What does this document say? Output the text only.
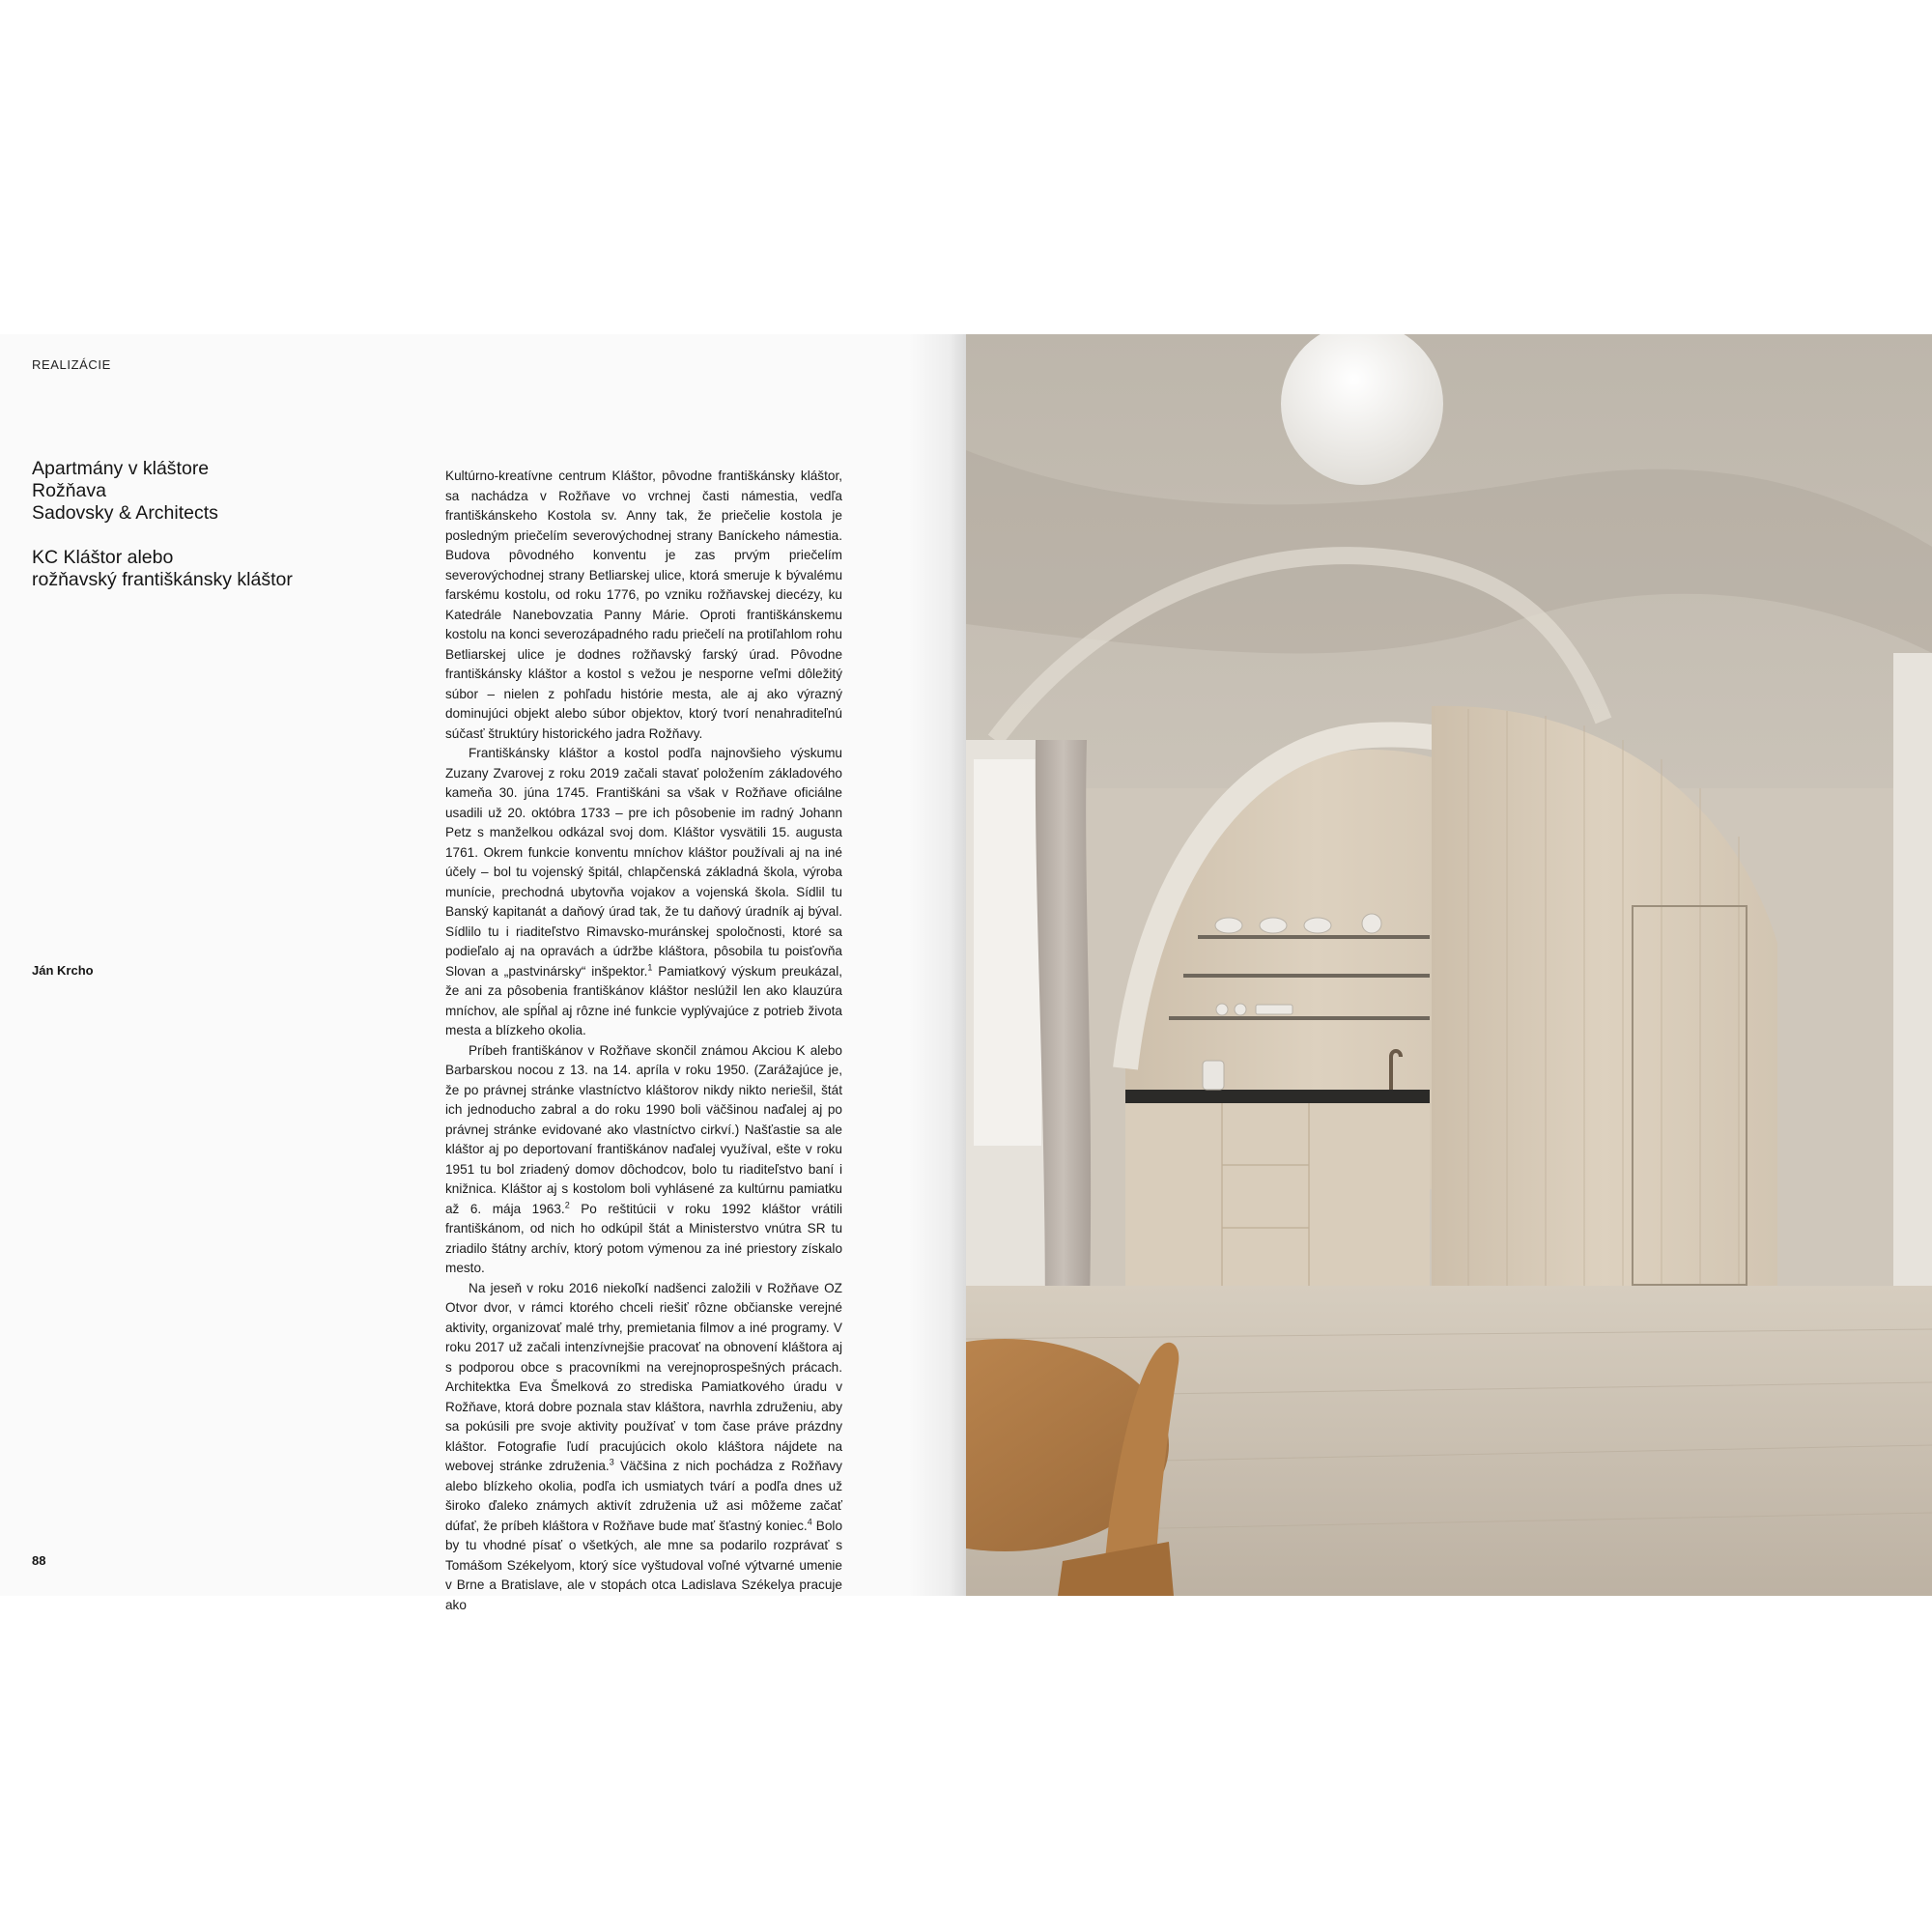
REALIZÁCIE
Apartmány v kláštore
Rožňava
Sadovsky & Architects
KC Kláštor alebo
rožňavský františkánsky kláštor
Ján Krcho

Kultúrno-kreatívne centrum Kláštor, pôvodne františkánsky kláštor, sa nachádza v Rožňave vo vrchnej časti námestia, vedľa františkánskeho Kostola sv. Anny tak, že priečelie kostola je posledným priečelím severovýchodnej strany Baníckeho námestia. Budova pôvodného konventu je zas prvým priečelím severovýchodnej strany Betliarskej ulice, ktorá smeruje k bývalému farskému kostolu, od roku 1776, po vzniku rožňavskej diecézy, ku Katedrále Nanebovzatia Panny Márie. Oproti františkánskemu kostolu na konci severozápadného radu priečelí na protiľahlom rohu Betliarskej ulice je dodnes rožňavský farský úrad. Pôvodne františkánsky kláštor a kostol s vežou je nesporne veľmi dôležitý súbor – nielen z pohľadu histórie mesta, ale aj ako výrazný dominujúci objekt alebo súbor objektov, ktorý tvorí nenahraditeľnú súčasť štruktúry historického jadra Rožňavy.

Františkánsky kláštor a kostol podľa najnovšieho výskumu Zuzany Zvarovej z roku 2019 začali stavať položením základového kameňa 30. júna 1745. Františkáni sa však v Rožňave oficiálne usadili už 20. októbra 1733 – pre ich pôsobenie im radný Johann Petz s manželkou odkázal svoj dom. Kláštor vysvätili 15. augusta 1761. Okrem funkcie konventu mníchov kláštor používali aj na iné účely – bol tu vojenský špitál, chlapčenská základná škola, výroba munície, prechodná ubytovňa vojakov a vojenská škola. Sídlil tu Banský kapitanát a daňový úrad tak, že tu daňový úradník aj býval. Sídlilo tu i riaditeľstvo Rimavsko-muránskej spoločnosti, ktoré sa podieľalo aj na opravách a údržbe kláštora, pôsobila tu poisťovňa Slovan a „pastvinársky“ inšpektor.$^1$ Pamiatkový výskum preukázal, že ani za pôsobenia františkánov kláštor neslúžil len ako klauzúra mníchov, ale spĺňal aj rôzne iné funkcie vyplývajúce z potrieb života mesta a blízkeho okolia.

Príbeh františkánov v Rožňave skončil známou Akciou K alebo Barbarskou nocou z 13. na 14. apríla v roku 1950. (Zarážajúce je, že po právnej stránke vlastníctvo kláštorov nikdy nikto neriešil, štát ich jednoducho zabral a do roku 1990 boli väčšinou naďalej aj po právnej stránke evidované ako vlastníctvo cirkví.) Našťastie sa ale kláštor aj po deportovaní františkánov naďalej využíval, ešte v roku 1951 tu bol zriadený domov dôchodcov, bolo tu riaditeľstvo baní i knižnica. Kláštor aj s kostolom boli vyhlásené za kultúrnu pamiatku až 6. mája 1963.$^2$ Po reštitúcii v roku 1992 kláštor vrátili františkánom, od nich ho odkúpil štát a Ministerstvo vnútra SR tu zriadilo štátny archív, ktorý potom výmenou za iné priestory získalo mesto.

Na jeseň v roku 2016 niekoľkí nadšenci založili v Rožňave OZ Otvor dvor, v rámci ktorého chceli riešiť rôzne občianske verejné aktivity, organizovať malé trhy, premietania filmov a iné programy. V roku 2017 už začali intenzívnejšie pracovať na obnovení kláštora aj s podporou obce s pracovníkmi na verejnoprospešných prácach. Architektka Eva Šmelková zo strediska Pamiatkového úradu v Rožňave, ktorá dobre poznala stav kláštora, navrhla združeniu, aby sa pokúsili pre svoje aktivity používať v tom čase práve prázdny kláštor. Fotografie ľudí pracujúcich okolo kláštora nájdete na webovej stránke združenia.$^3$ Väčšina z nich pochádza z Rožňavy alebo blízkeho okolia, podľa ich usmiatych tvárí a podľa dnes už široko ďaleko známych aktivít združenia už asi môžeme začať dúfať, že príbeh kláštora v Rožňave bude mať šťastný koniec.$^4$ Bolo by tu vhodné písať o všetkých, ale mne sa podarilo rozprávať s Tomášom Székelyom, ktorý síce vyštudoval voľné výtvarné umenie v Brne a Bratislave, ale v stopách otca Ladislava Székelya pracuje ako

88
